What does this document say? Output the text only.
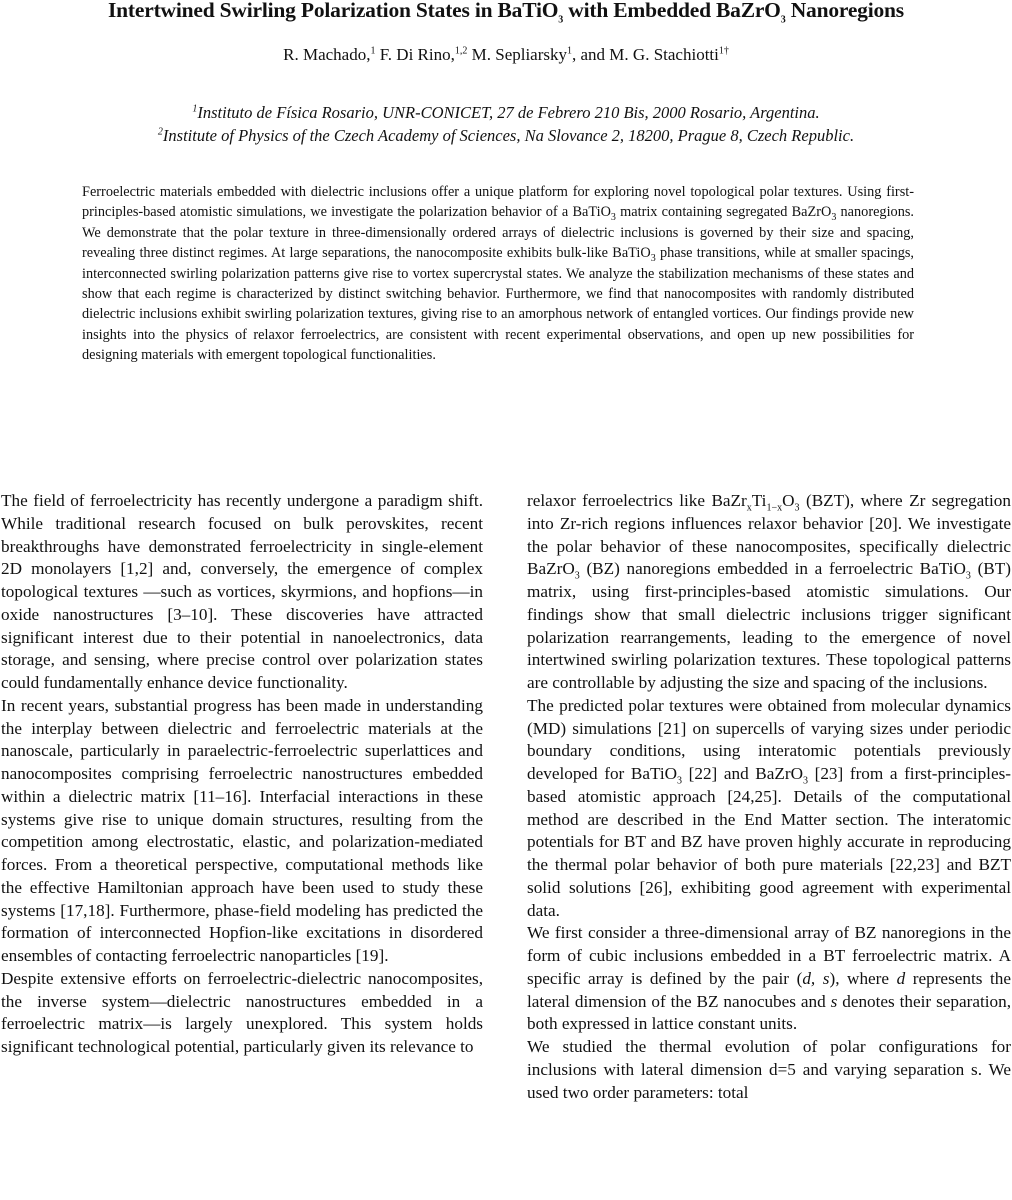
Intertwined Swirling Polarization States in BaTiO$_3$ with Embedded BaZrO$_3$ Nanoregions
R. Machado,$^1$ F. Di Rino,$^{1,2}$ M. Sepliarsky$^1$, and M. G. Stachiotti$^{1\dagger}$
$^1$Instituto de Física Rosario, UNR-CONICET, 27 de Febrero 210 Bis, 2000 Rosario, Argentina.
$^2$Institute of Physics of the Czech Academy of Sciences, Na Slovance 2, 18200, Prague 8, Czech Republic.
Ferroelectric materials embedded with dielectric inclusions offer a unique platform for exploring novel topological polar textures. Using first-principles-based atomistic simulations, we investigate the polarization behavior of a BaTiO$_3$ matrix containing segregated BaZrO$_3$ nanoregions. We demonstrate that the polar texture in three-dimensionally ordered arrays of dielectric inclusions is governed by their size and spacing, revealing three distinct regimes. At large separations, the nanocomposite exhibits bulk-like BaTiO$_3$ phase transitions, while at smaller spacings, interconnected swirling polarization patterns give rise to vortex supercrystal states. We analyze the stabilization mechanisms of these states and show that each regime is characterized by distinct switching behavior. Furthermore, we find that nanocomposites with randomly distributed dielectric inclusions exhibit swirling polarization textures, giving rise to an amorphous network of entangled vortices. Our findings provide new insights into the physics of relaxor ferroelectrics, are consistent with recent experimental observations, and open up new possibilities for designing materials with emergent topological functionalities.

The field of ferroelectricity has recently undergone a paradigm shift. While traditional research focused on bulk perovskites, recent breakthroughs have demonstrated ferroelectricity in single-element 2D monolayers [1,2] and, conversely, the emergence of complex topological textures —such as vortices, skyrmions, and hopfions—in oxide nanostructures [3–10]. These discoveries have attracted significant interest due to their potential in nanoelectronics, data storage, and sensing, where precise control over polarization states could fundamentally enhance device functionality.

In recent years, substantial progress has been made in understanding the interplay between dielectric and ferroelectric materials at the nanoscale, particularly in paraelectric-ferroelectric superlattices and nanocomposites comprising ferroelectric nanostructures embedded within a dielectric matrix [11–16]. Interfacial interactions in these systems give rise to unique domain structures, resulting from the competition among electrostatic, elastic, and polarization-mediated forces. From a theoretical perspective, computational methods like the effective Hamiltonian approach have been used to study these systems [17,18]. Furthermore, phase-field modeling has predicted the formation of interconnected Hopfion-like excitations in disordered ensembles of contacting ferroelectric nanoparticles [19].

Despite extensive efforts on ferroelectric-dielectric nanocomposites, the inverse system—dielectric nanostructures embedded in a ferroelectric matrix—is largely unexplored. This system holds significant technological potential, particularly given its relevance to

relaxor ferroelectrics like $BaZr_xTi_{1-x}O_3$ (BZT), where Zr segregation into Zr-rich regions influences relaxor behavior [20]. We investigate the polar behavior of these nanocomposites, specifically dielectric BaZrO$_3$ (BZ) nanoregions embedded in a ferroelectric BaTiO$_3$ (BT) matrix, using first-principles-based atomistic simulations. Our findings show that small dielectric inclusions trigger significant polarization rearrangements, leading to the emergence of novel intertwined swirling polarization textures. These topological patterns are controllable by adjusting the size and spacing of the inclusions.

The predicted polar textures were obtained from molecular dynamics (MD) simulations [21] on supercells of varying sizes under periodic boundary conditions, using interatomic potentials previously developed for BaTiO$_3$ [22] and BaZrO$_3$ [23] from a first-principles-based atomistic approach [24,25]. Details of the computational method are described in the End Matter section. The interatomic potentials for BT and BZ have proven highly accurate in reproducing the thermal polar behavior of both pure materials [22,23] and BZT solid solutions [26], exhibiting good agreement with experimental data.

We first consider a three-dimensional array of BZ nanoregions in the form of cubic inclusions embedded in a BT ferroelectric matrix. A specific array is defined by the pair (d, s), where d represents the lateral dimension of the BZ nanocubes and s denotes their separation, both expressed in lattice constant units.

We studied the thermal evolution of polar configurations for inclusions with lateral dimension d=5 and varying separation s. We used two order parameters: total
